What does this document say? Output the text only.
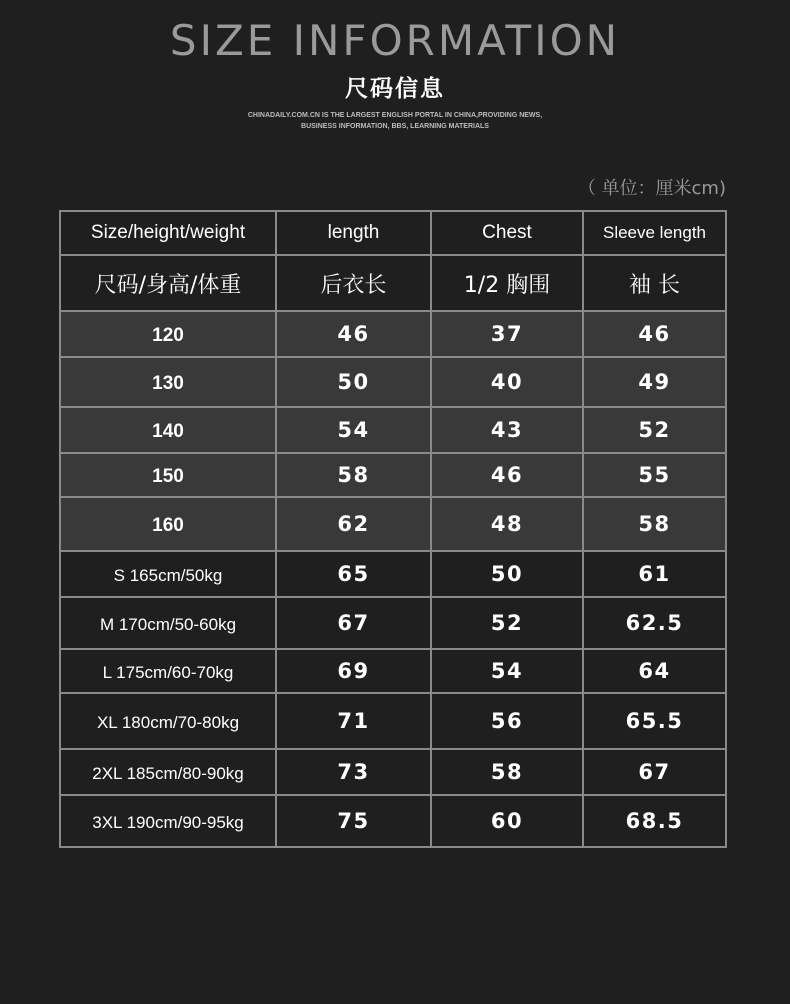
SIZE INFORMATION
尺码信息
CHINADAILY.COM.CN IS THE LARGEST ENGLISH PORTAL IN CHINA,PROVIDING NEWS,
BUSINESS INFORMATION, BBS, LEARNING MATERIALS
（ 单位：厘米cm)
Size/height/weight	length	Chest	Sleeve length
尺码/身高/体重	后衣长	1/2 胸围	袖 长
120	46	37	46
130	50	40	49
140	54	43	52
150	58	46	55
160	62	48	58
S 165cm/50kg	65	50	61
M 170cm/50-60kg	67	52	62.5
L 175cm/60-70kg	69	54	64
XL 180cm/70-80kg	71	56	65.5
2XL 185cm/80-90kg	73	58	67
3XL 190cm/90-95kg	75	60	68.5
